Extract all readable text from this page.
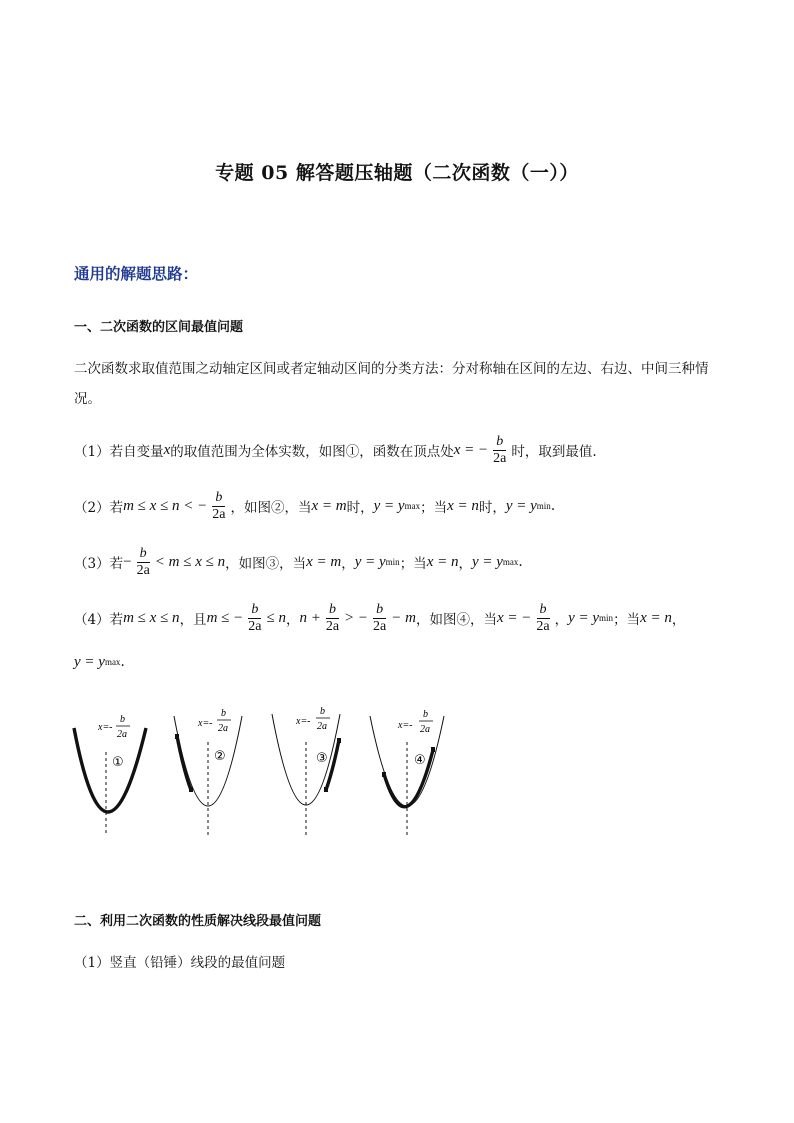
专题 05 解答题压轴题（二次函数（一））
通用的解题思路：
一、二次函数的区间最值问题
二次函数求取值范围之动轴定区间或者定轴动区间的分类方法：分对称轴在区间的左边、右边、中间三种情况。
（1）若自变量 x 的取值范围为全体实数，如图①，函数在顶点处 x = − $\frac{b}{2a}$ 时，取到最值.
（2）若 m ≤ x ≤ n < − $\frac{b}{2a}$ ，如图②，当 x = m 时， y = y max ；当 x = n 时， y = y min .
（3）若 − $\frac{b}{2a} < m \le x \le n$ ，如图③，当 x = m ， y = y min ；当 x = n ， y = y max .
（4）若 m ≤ x ≤ n ，且 m ≤ − $\frac{b}{2a} \le n$ ， $n + \frac{b}{2a}$ > − $\frac{b}{2a} - m$ ，如图④，当 x = − $\frac{b}{2a}$ ， y = y min ；当 x = n ，
y = y max .
x=-
b
2a
①
x=-
b
2a
②
x=-
b
2a
③
x=-
b
2a
④
二、利用二次函数的性质解决线段最值问题
（1）竖直（铅锤）线段的最值问题
